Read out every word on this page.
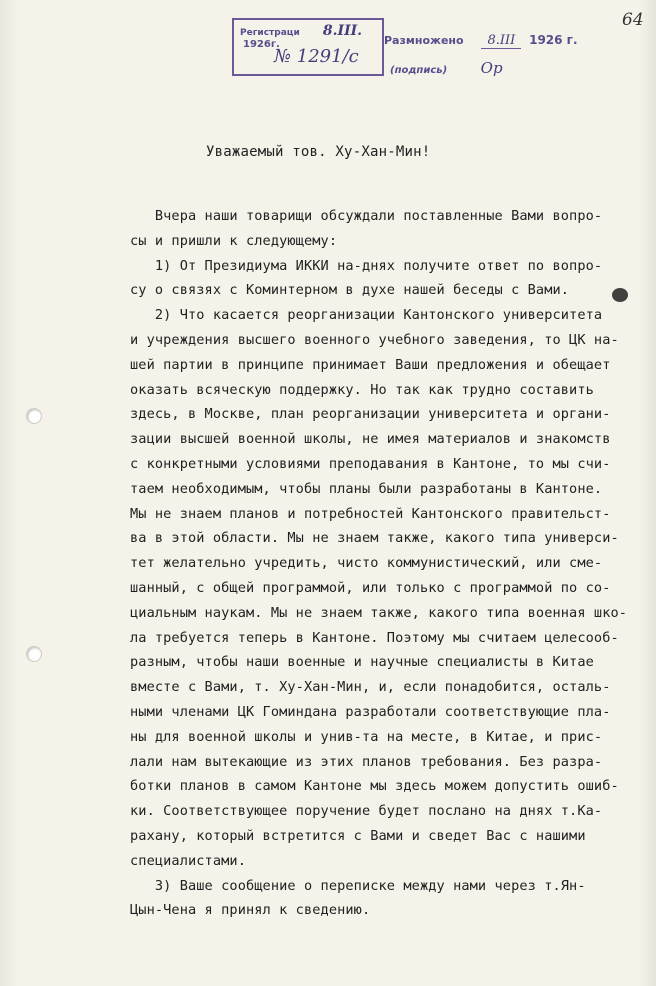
64
Регистраци 8.III. 1926г.
№ 1291/с
Размножено 8.III 1926 г.
(подпись) Ор
Уважаемый тов. Ху-Хан-Мин!
Вчера наши товарищи обсуждали поставленные Вами вопро-
сы и пришли к следующему:
1) От Президиума ИККИ на-днях получите ответ по вопро-
су о связях с Коминтерном в духе нашей беседы с Вами.
2) Что касается реорганизации Кантонского университета
и учреждения высшего военного учебного заведения, то ЦК на-
шей партии в принципе принимает Ваши предложения и обещает
оказать всяческую поддержку. Но так как трудно составить
здесь, в Москве, план реорганизации университета и органи-
зации высшей военной школы, не имея материалов и знакомств
с конкретными условиями преподавания в Кантоне, то мы счи-
таем необходимым, чтобы планы были разработаны в Кантоне.
Мы не знаем планов и потребностей Кантонского правительст-
ва в этой области. Мы не знаем также, какого типа универси-
тет желательно учредить, чисто коммунистический, или сме-
шанный, с общей программой, или только с программой по со-
циальным наукам. Мы не знаем также, какого типа военная шко-
ла требуется теперь в Кантоне. Поэтому мы считаем целесооб-
разным, чтобы наши военные и научные специалисты в Китае
вместе с Вами, т. Ху-Хан-Мин, и, если понадобится, осталь-
ными членами ЦК Гоминдана разработали соответствующие пла-
ны для военной школы и унив-та на месте, в Китае, и прис-
лали нам вытекающие из этих планов требования. Без разра-
ботки планов в самом Кантоне мы здесь можем допустить ошиб-
ки. Соответствующее поручение будет послано на днях т.Ка-
рахану, который встретится с Вами и сведет Вас с нашими
специалистами.
3) Ваше сообщение о переписке между нами через т.Ян-
Цын-Чена я принял к сведению.
